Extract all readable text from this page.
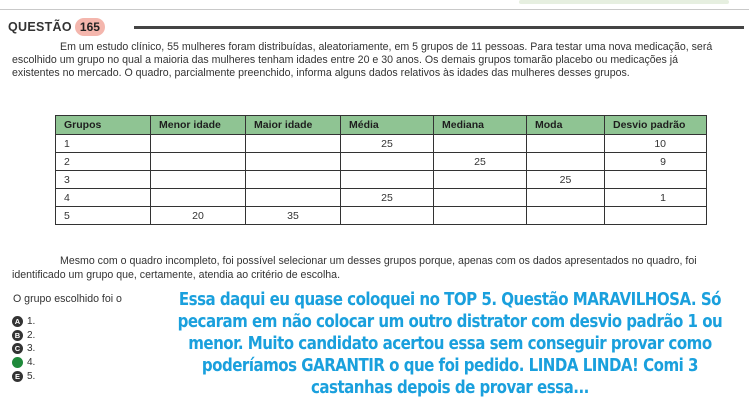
QUESTÃO 165
Em um estudo clínico, 55 mulheres foram distribuídas, aleatoriamente, em 5 grupos de 11 pessoas. Para testar uma nova medicação, será escolhido um grupo no qual a maioria das mulheres tenham idades entre 20 e 30 anos. Os demais grupos tomarão placebo ou medicações já existentes no mercado. O quadro, parcialmente preenchido, informa alguns dados relativos às idades das mulheres desses grupos.
Grupos	Menor idade	Maior idade	Média	Mediana	Moda	Desvio padrão
1			25			10
2				25		9
3					25	
4			25			1
5	20	35				
Mesmo com o quadro incompleto, foi possível selecionar um desses grupos porque, apenas com os dados apresentados no quadro, foi identificado um grupo que, certamente, atendia ao critério de escolha.
O grupo escolhido foi o
A 1.
B 2.
C 3.
4.
E 5.
Essa daqui eu quase coloquei no TOP 5. Questão MARAVILHOSA. Só pecaram em não colocar um outro distrator com desvio padrão 1 ou menor. Muito candidato acertou essa sem conseguir provar como poderíamos GARANTIR o que foi pedido. LINDA LINDA! Comi 3 castanhas depois de provar essa...
